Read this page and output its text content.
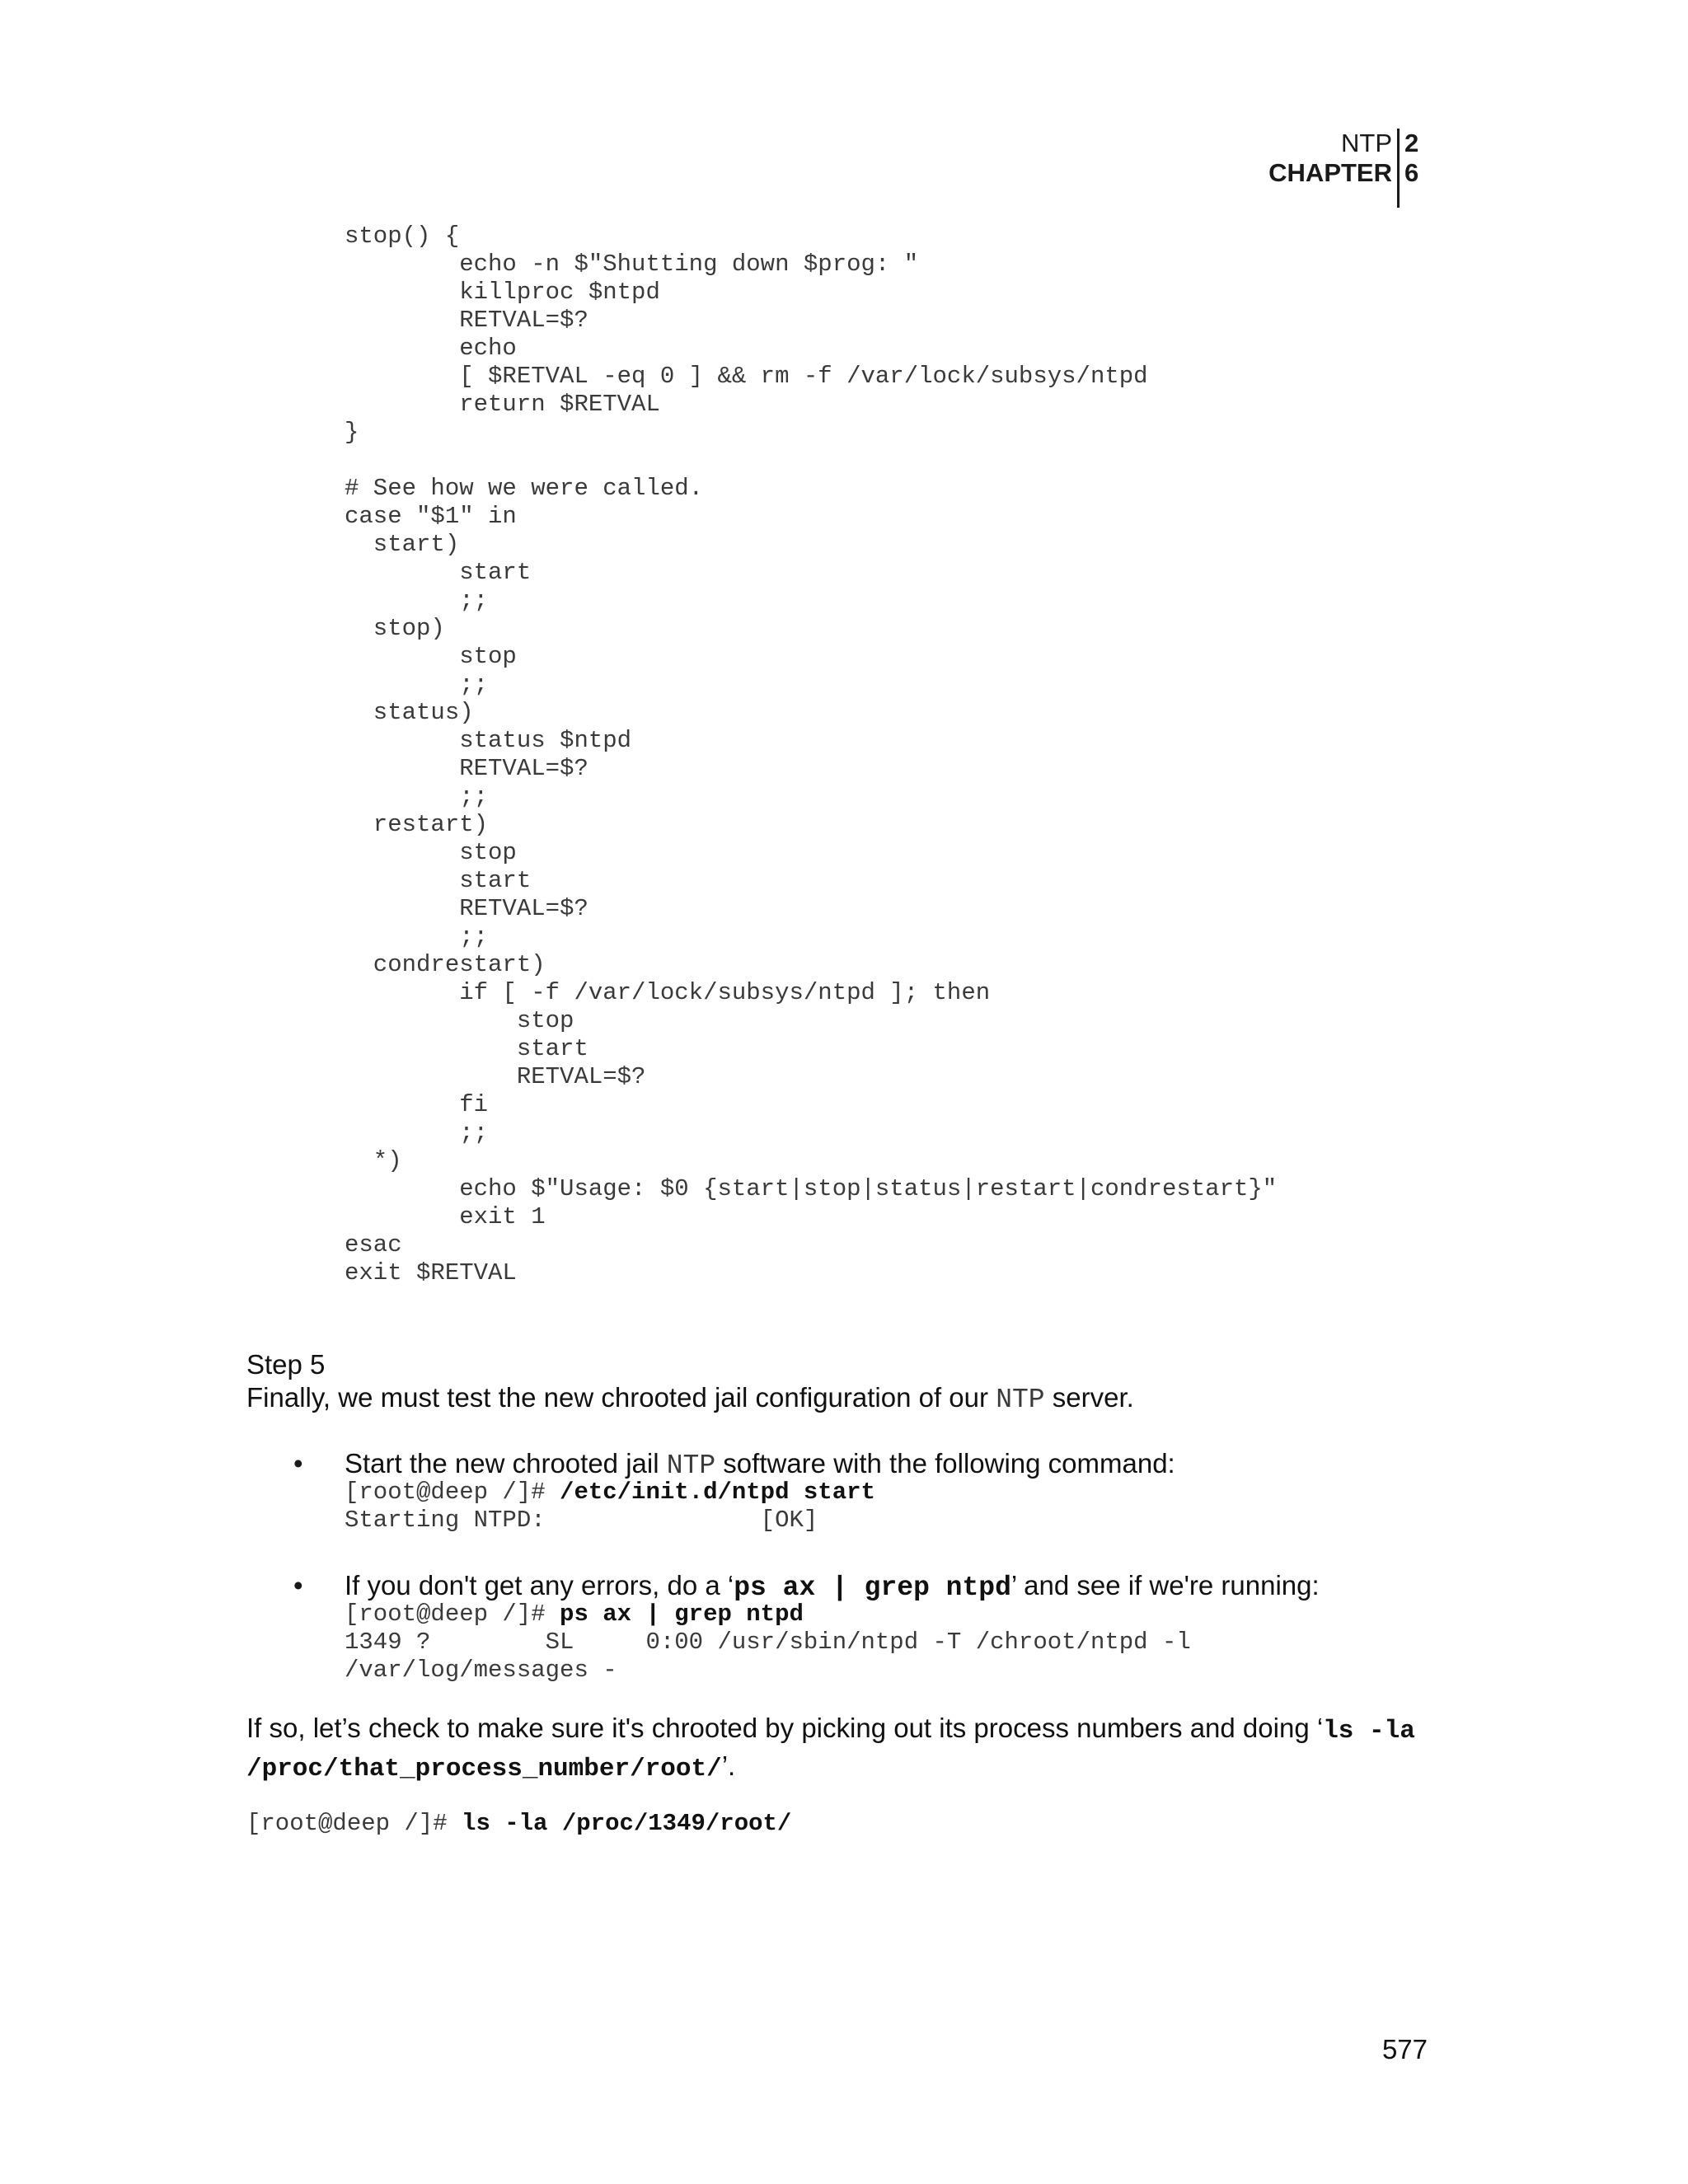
NTP 2
CHAPTER 6
stop() {
echo -n $"Shutting down $prog: "
killproc $ntpd
RETVAL=$?
echo
[ $RETVAL -eq 0 ] && rm -f /var/lock/subsys/ntpd
return $RETVAL
}

# See how we were called.
case "$1" in
start)
start
;;
stop)
stop
;;
status)
status $ntpd
RETVAL=$?
;;
restart)
stop
start
RETVAL=$?
;;
condrestart)
if [ -f /var/lock/subsys/ntpd ]; then
stop
start
RETVAL=$?
fi
;;
*)
echo $"Usage: $0 {start|stop|status|restart|condrestart}"
exit 1
esac
exit $RETVAL
Step 5
Finally, we must test the new chrooted jail configuration of our NTP server.
• Start the new chrooted jail NTP software with the following command:
[root@deep /]# /etc/init.d/ntpd start
Starting NTPD:               [OK]
• If you don't get any errors, do a ‘ps ax | grep ntpd’ and see if we're running:
[root@deep /]# ps ax | grep ntpd
1349 ?        SL     0:00 /usr/sbin/ntpd -T /chroot/ntpd -l
/var/log/messages -
If so, let’s check to make sure it's chrooted by picking out its process numbers and doing ‘ls -la /proc/that_process_number/root/’.
[root@deep /]# ls -la /proc/1349/root/
577
